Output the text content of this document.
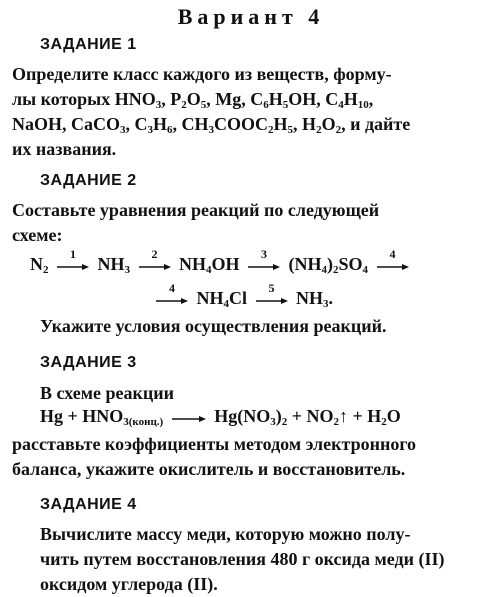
Вариант 4
ЗАДАНИЕ 1
Определите класс каждого из веществ, форму-
лы которых $HNO_3$, $P_2O_5$, Mg, $C_6H_5OH$, $C_4H_{10}$,
NaOH, CaCO$_3$, $C_3H_6$, $CH_3COOC_2H_5$, $H_2O_2$, и дайте
их названия.
ЗАДАНИЕ 2
Составьте уравнения реакций по следующей
схеме:
$N_2$
1	$NH_3$
2	$NH_4OH$	3	$(NH_4)_2SO_4$
4
4	$NH_4Cl$	5	$NH_3$.
Укажите условия осуществления реакций.
ЗАДАНИЕ 3
В схеме реакции
$Hg + HNO_{3(конц.)} \to Hg(NO_3)_2$ + $NO_2↑ + H_2O$
расставьте коэффициенты методом электронного
баланса, укажите окислитель и восстановитель.
ЗАДАНИЕ 4
Вычислите массу меди, которую можно полу-
чить путем восстановления 480 г оксида меди (II)
оксидом углерода (II).
